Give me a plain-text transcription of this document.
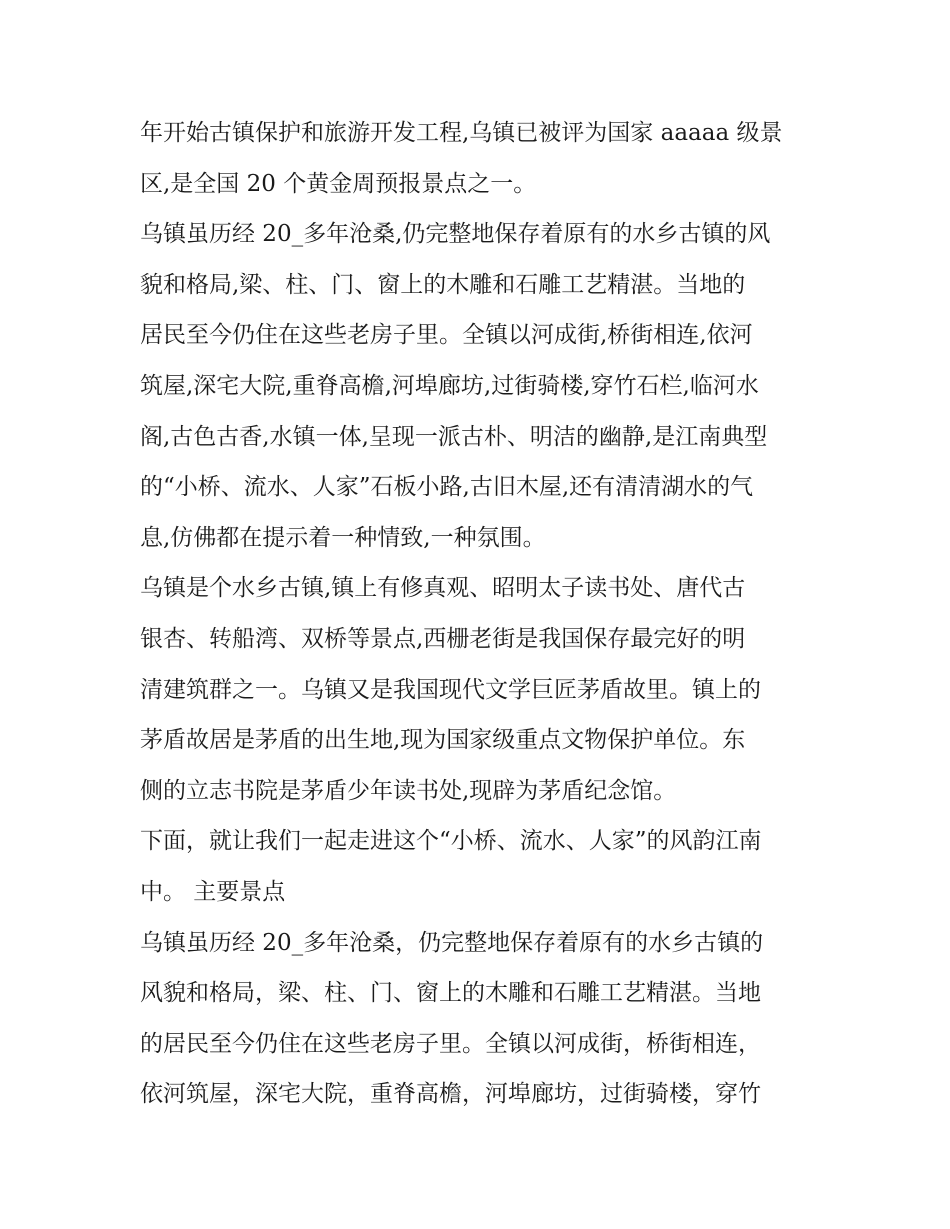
年开始古镇保护和旅游开发工程,乌镇已被评为国家 aaaaa 级景
区,是全国 20 个黄金周预报景点之一。
乌镇虽历经 20_多年沧桑,仍完整地保存着原有的水乡古镇的风
貌和格局,梁、柱、门、窗上的木雕和石雕工艺精湛。当地的
居民至今仍住在这些老房子里。全镇以河成街,桥街相连,依河
筑屋,深宅大院,重脊高檐,河埠廊坊,过街骑楼,穿竹石栏,临河水
阁,古色古香,水镇一体,呈现一派古朴、明洁的幽静,是江南典型
的“小桥、流水、人家”石板小路,古旧木屋,还有清清湖水的气
息,仿佛都在提示着一种情致,一种氛围。
乌镇是个水乡古镇,镇上有修真观、昭明太子读书处、唐代古
银杏、转船湾、双桥等景点,西栅老街是我国保存最完好的明
清建筑群之一。乌镇又是我国现代文学巨匠茅盾故里。镇上的
茅盾故居是茅盾的出生地,现为国家级重点文物保护单位。东
侧的立志书院是茅盾少年读书处,现辟为茅盾纪念馆。
下面，就让我们一起走进这个“小桥、流水、人家”的风韵江南
中。 主要景点
乌镇虽历经 20_多年沧桑，仍完整地保存着原有的水乡古镇的
风貌和格局，梁、柱、门、窗上的木雕和石雕工艺精湛。当地
的居民至今仍住在这些老房子里。全镇以河成街，桥街相连，
依河筑屋，深宅大院，重脊高檐，河埠廊坊，过街骑楼，穿竹
